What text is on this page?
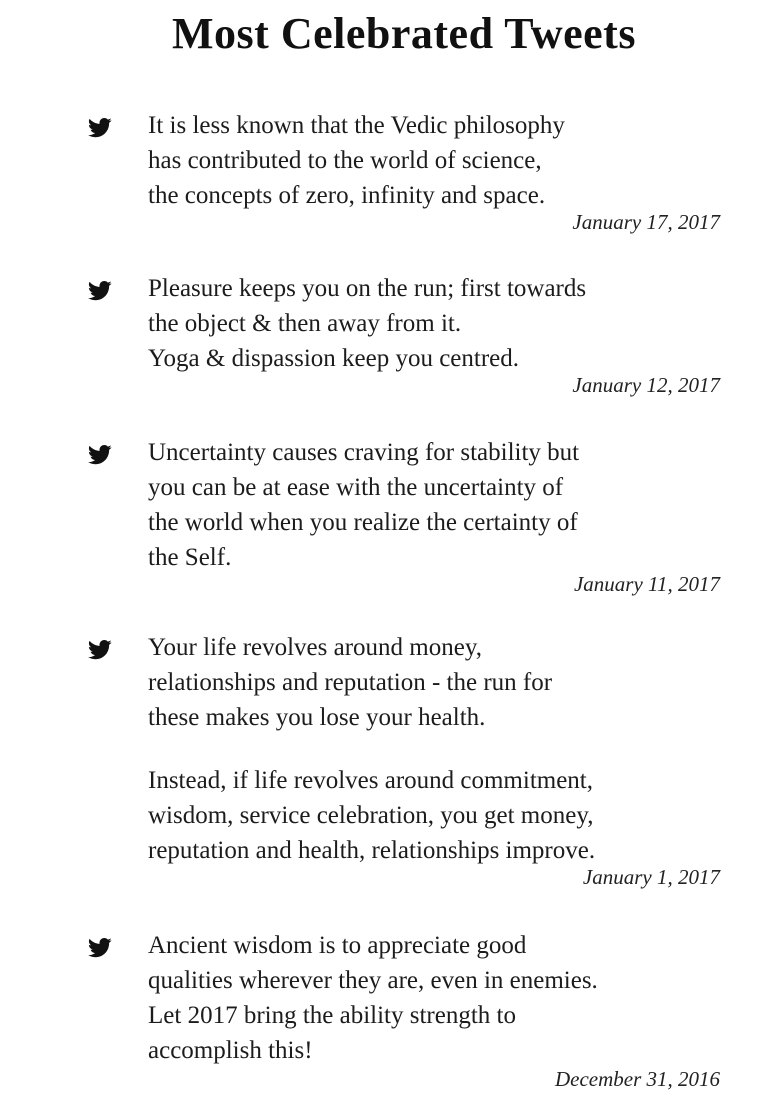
Most Celebrated Tweets
It is less known that the Vedic philosophy
has contributed to the world of science,
the concepts of zero, infinity and space.
January 17, 2017
Pleasure keeps you on the run; first towards
the object & then away from it.
Yoga & dispassion keep you centred.
January 12, 2017
Uncertainty causes craving for stability but
you can be at ease with the uncertainty of
the world when you realize the certainty of
the Self.
January 11, 2017
Your life revolves around money,
relationships and reputation - the run for
these makes you lose your health.
Instead, if life revolves around commitment,
wisdom, service celebration, you get money,
reputation and health, relationships improve.
January 1, 2017
Ancient wisdom is to appreciate good
qualities wherever they are, even in enemies.
Let 2017 bring the ability strength to
accomplish this!
December 31, 2016
